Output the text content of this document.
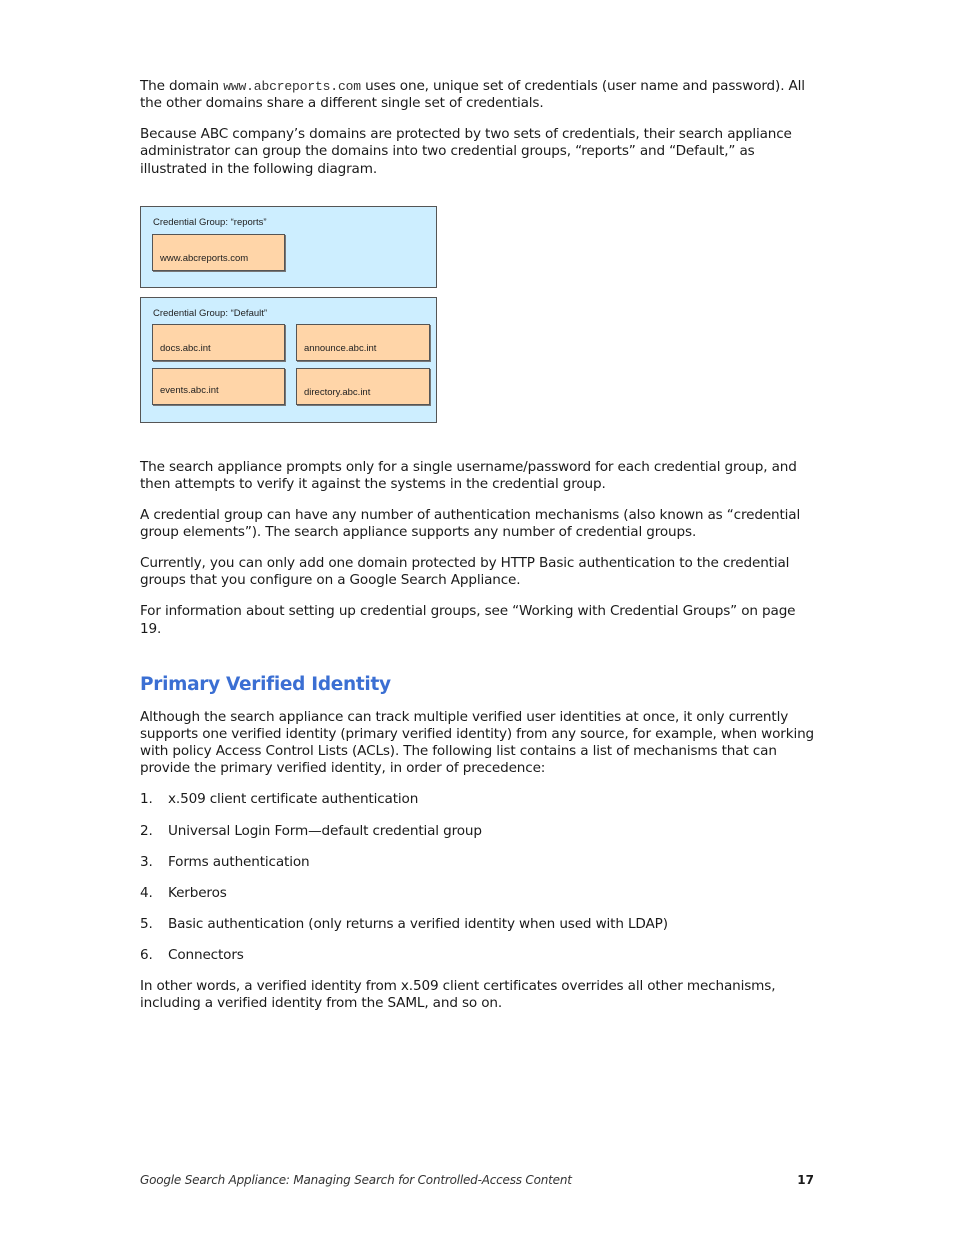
The domain www.abcreports.com uses one, unique set of credentials (user name and password). All the other domains share a different single set of credentials.

Because ABC company’s domains are protected by two sets of credentials, their search appliance administrator can group the domains into two credential groups, “reports” and “Default,” as illustrated in the following diagram.

Credential Group: “reports”
www.abcreports.com
Credential Group: “Default”
docs.abc.int	announce.abc.int
events.abc.int	directory.abc.int

The search appliance prompts only for a single username/password for each credential group, and then attempts to verify it against the systems in the credential group.

A credential group can have any number of authentication mechanisms (also known as “credential group elements”). The search appliance supports any number of credential groups.

Currently, you can only add one domain protected by HTTP Basic authentication to the credential groups that you configure on a Google Search Appliance.

For information about setting up credential groups, see “Working with Credential Groups” on page 19.

Primary Verified Identity

Although the search appliance can track multiple verified user identities at once, it only currently supports one verified identity (primary verified identity) from any source, for example, when working with policy Access Control Lists (ACLs). The following list contains a list of mechanisms that can provide the primary verified identity, in order of precedence:

1. x.509 client certificate authentication
2. Universal Login Form—default credential group
3. Forms authentication
4. Kerberos
5. Basic authentication (only returns a verified identity when used with LDAP)
6. Connectors

In other words, a verified identity from x.509 client certificates overrides all other mechanisms, including a verified identity from the SAML, and so on.

Google Search Appliance: Managing Search for Controlled-Access Content	17
